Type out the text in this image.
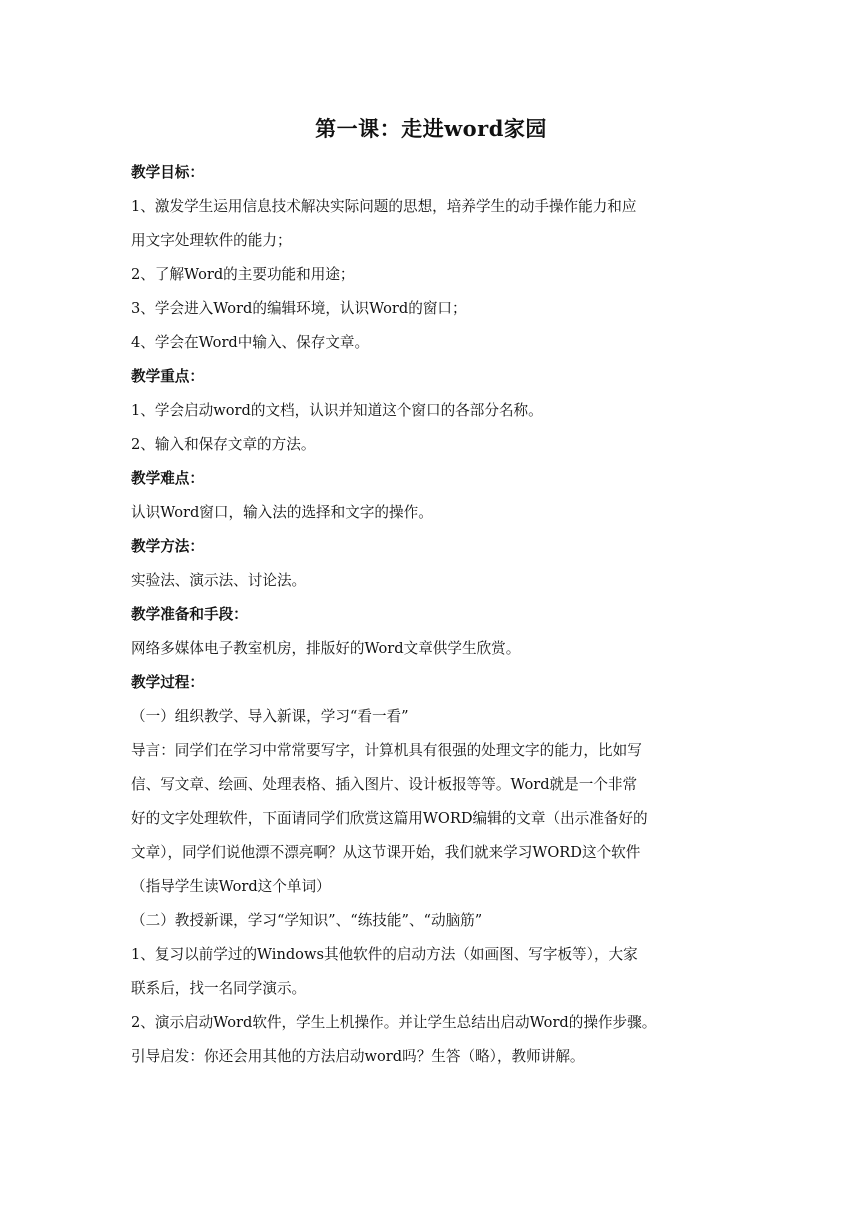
第一课：走进word家园

教学目标：

1、激发学生运用信息技术解决实际问题的思想，培养学生的动手操作能力和应

用文字处理软件的能力；

2、了解Word的主要功能和用途；

3、学会进入Word的编辑环境，认识Word的窗口；

4、学会在Word中输入、保存文章。

教学重点：

1、学会启动word的文档，认识并知道这个窗口的各部分名称。

2、输入和保存文章的方法。

教学难点：

认识Word窗口，输入法的选择和文字的操作。

教学方法：

实验法、演示法、讨论法。

教学准备和手段：

网络多媒体电子教室机房，排版好的Word文章供学生欣赏。

教学过程：

（一）组织教学、导入新课，学习“看一看”

导言：同学们在学习中常常要写字，计算机具有很强的处理文字的能力，比如写

信、写文章、绘画、处理表格、插入图片、设计板报等等。Word就是一个非常

好的文字处理软件，下面请同学们欣赏这篇用WORD编辑的文章（出示准备好的

文章），同学们说他漂不漂亮啊？从这节课开始，我们就来学习WORD这个软件

（指导学生读Word这个单词）

（二）教授新课，学习“学知识”、“练技能”、“动脑筋”

1、复习以前学过的Windows其他软件的启动方法（如画图、写字板等），大家

联系后，找一名同学演示。

2、演示启动Word软件，学生上机操作。并让学生总结出启动Word的操作步骤。

引导启发：你还会用其他的方法启动word吗？生答（略），教师讲解。
